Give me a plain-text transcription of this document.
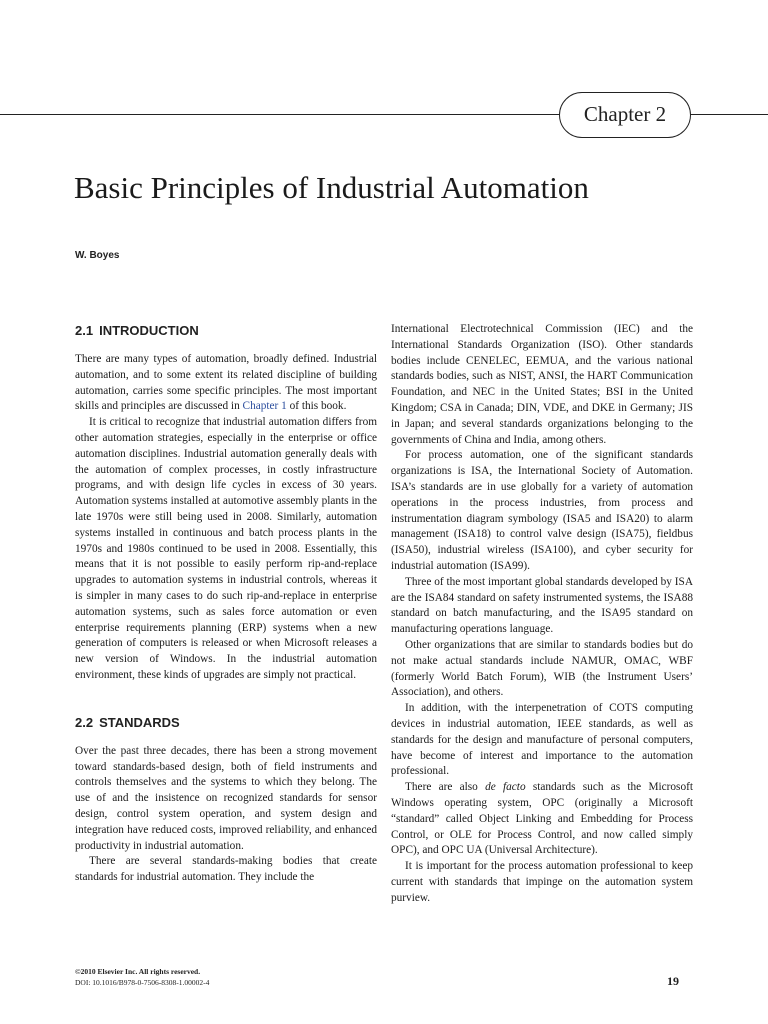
Chapter 2
Basic Principles of Industrial Automation
W. Boyes
2.1 INTRODUCTION

There are many types of automation, broadly defined. Industrial automation, and to some extent its related discipline of building automation, carries some specific principles. The most important skills and principles are discussed in Chapter 1 of this book.

It is critical to recognize that industrial automation differs from other automation strategies, especially in the enterprise or office automation disciplines. Industrial automation generally deals with the automation of complex processes, in costly infrastructure programs, and with design life cycles in excess of 30 years. Automation systems installed at automotive assembly plants in the late 1970s were still being used in 2008. Similarly, automation systems installed in continuous and batch process plants in the 1970s and 1980s continued to be used in 2008. Essentially, this means that it is not possible to easily perform rip-and-replace upgrades to automation systems in industrial controls, whereas it is simpler in many cases to do such rip-and-replace in enterprise automation systems, such as sales force automation or even enterprise requirements planning (ERP) systems when a new generation of computers is released or when Microsoft releases a new version of Windows. In the industrial automation environment, these kinds of upgrades are simply not practical.

2.2 STANDARDS

Over the past three decades, there has been a strong movement toward standards-based design, both of field instruments and controls themselves and the systems to which they belong. The use of and the insistence on recognized standards for sensor design, control system operation, and system design and integration have reduced costs, improved reliability, and enhanced productivity in industrial automation.

There are several standards-making bodies that create standards for industrial automation. They include the

International Electrotechnical Commission (IEC) and the International Standards Organization (ISO). Other standards bodies include CENELEC, EEMUA, and the various national standards bodies, such as NIST, ANSI, the HART Communication Foundation, and NEC in the United States; BSI in the United Kingdom; CSA in Canada; DIN, VDE, and DKE in Germany; JIS in Japan; and several standards organizations belonging to the governments of China and India, among others.

For process automation, one of the significant standards organizations is ISA, the International Society of Automation. ISA’s standards are in use globally for a variety of automation operations in the process industries, from process and instrumentation diagram symbology (ISA5 and ISA20) to alarm management (ISA18) to control valve design (ISA75), fieldbus (ISA50), industrial wireless (ISA100), and cyber security for industrial automation (ISA99).

Three of the most important global standards developed by ISA are the ISA84 standard on safety instrumented systems, the ISA88 standard on batch manufacturing, and the ISA95 standard on manufacturing operations language.

Other organizations that are similar to standards bodies but do not make actual standards include NAMUR, OMAC, WBF (formerly World Batch Forum), WIB (the Instrument Users’ Association), and others.

In addition, with the interpenetration of COTS computing devices in industrial automation, IEEE standards, as well as standards for the design and manufacture of personal computers, have become of interest and importance to the automation professional.

There are also de facto standards such as the Microsoft Windows operating system, OPC (originally a Microsoft “standard” called Object Linking and Embedding for Process Control, or OLE for Process Control, and now called simply OPC), and OPC UA (Universal Architecture).

It is important for the process automation professional to keep current with standards that impinge on the automation system purview.

©2010 Elsevier Inc. All rights reserved.
DOI: 10.1016/B978-0-7506-8308-1.00002-4	19
